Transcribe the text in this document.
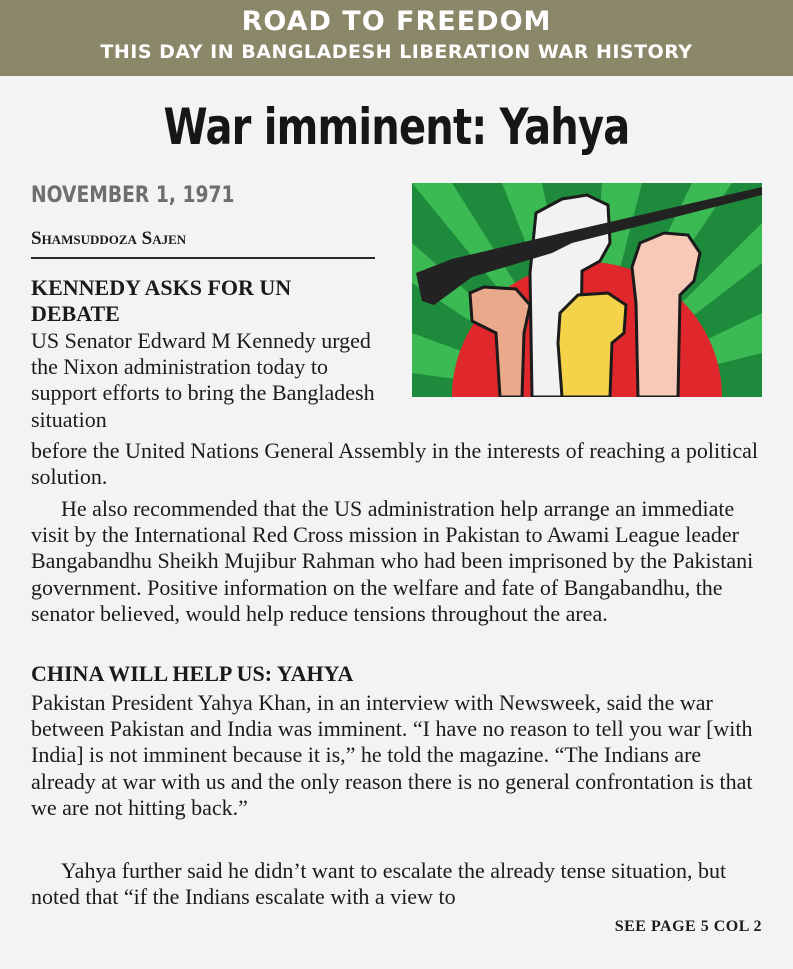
ROAD TO FREEDOM
THIS DAY IN BANGLADESH LIBERATION WAR HISTORY
War imminent: Yahya
NOVEMBER 1, 1971
Shamsuddoza Sajen

KENNEDY ASKS FOR UN DEBATE

US Senator Edward M Kennedy urged the Nixon administration today to support efforts to bring the Bangladesh situation

before the United Nations General Assembly in the interests of reaching a political solution.

He also recommended that the US administration help arrange an immediate visit by the International Red Cross mission in Pakistan to Awami League leader Bangabandhu Sheikh Mujibur Rahman who had been imprisoned by the Pakistani government. Positive information on the welfare and fate of Bangabandhu, the senator believed, would help reduce tensions throughout the area.

CHINA WILL HELP US: YAHYA

Pakistan President Yahya Khan, in an interview with Newsweek, said the war between Pakistan and India was imminent. “I have no reason to tell you war [with India] is not imminent because it is,” he told the magazine. “The Indians are already at war with us and the only reason there is no general confrontation is that we are not hitting back.”

Yahya further said he didn’t want to escalate the already tense situation, but noted that “if the Indians escalate with a view to

SEE PAGE 5 COL 2
